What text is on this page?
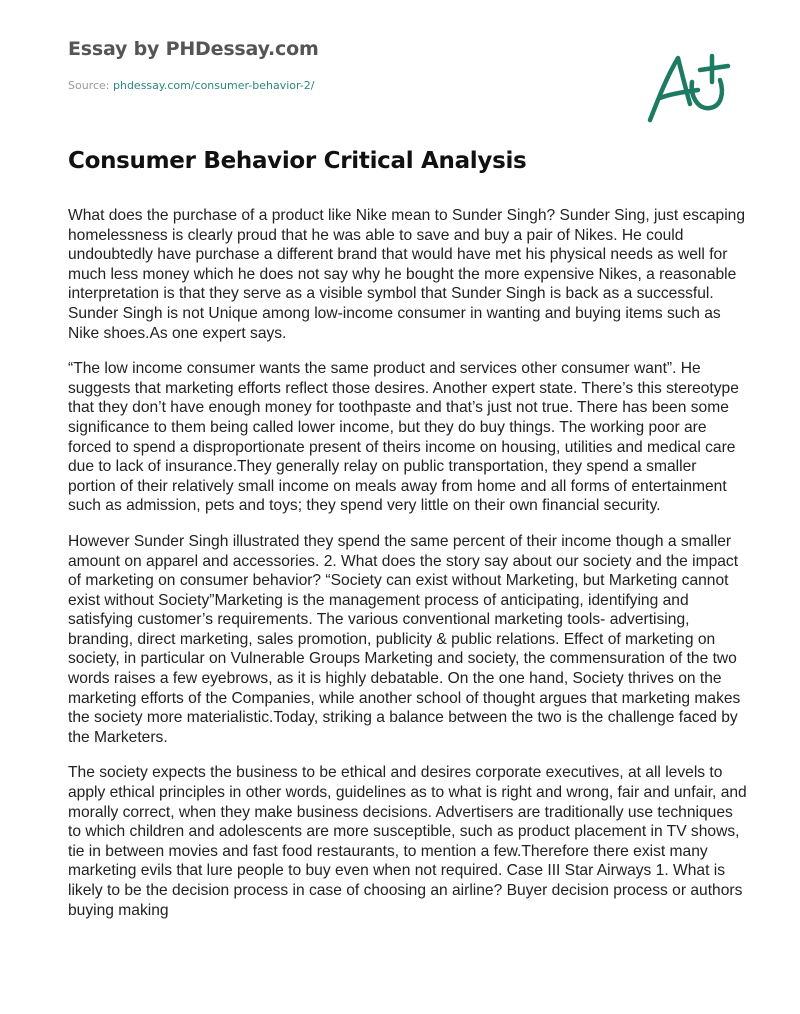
Essay by PHDessay.com
Source: phdessay.com/consumer-behavior-2/
Consumer Behavior Critical Analysis

What does the purchase of a product like Nike mean to Sunder Singh? Sunder Sing, just escaping homelessness is clearly proud that he was able to save and buy a pair of Nikes. He could undoubtedly have purchase a different brand that would have met his physical needs as well for much less money which he does not say why he bought the more expensive Nikes, a reasonable interpretation is that they serve as a visible symbol that Sunder Singh is back as a successful. Sunder Singh is not Unique among low-income consumer in wanting and buying items such as Nike shoes.As one expert says.

“The low income consumer wants the same product and services other consumer want”. He suggests that marketing efforts reflect those desires. Another expert state. There’s this stereotype that they don’t have enough money for toothpaste and that’s just not true. There has been some significance to them being called lower income, but they do buy things. The working poor are forced to spend a disproportionate present of theirs income on housing, utilities and medical care due to lack of insurance.They generally relay on public transportation, they spend a smaller portion of their relatively small income on meals away from home and all forms of entertainment such as admission, pets and toys; they spend very little on their own financial security.

However Sunder Singh illustrated they spend the same percent of their income though a smaller amount on apparel and accessories. 2. What does the story say about our society and the impact of marketing on consumer behavior? “Society can exist without Marketing, but Marketing cannot exist without Society”Marketing is the management process of anticipating, identifying and satisfying customer’s requirements. The various conventional marketing tools- advertising, branding, direct marketing, sales promotion, publicity & public relations. Effect of marketing on society, in particular on Vulnerable Groups Marketing and society, the commensuration of the two words raises a few eyebrows, as it is highly debatable. On the one hand, Society thrives on the marketing efforts of the Companies, while another school of thought argues that marketing makes the society more materialistic.Today, striking a balance between the two is the challenge faced by the Marketers.

The society expects the business to be ethical and desires corporate executives, at all levels to apply ethical principles in other words, guidelines as to what is right and wrong, fair and unfair, and morally correct, when they make business decisions. Advertisers are traditionally use techniques to which children and adolescents are more susceptible, such as product placement in TV shows, tie in between movies and fast food restaurants, to mention a few.Therefore there exist many marketing evils that lure people to buy even when not required. Case III Star Airways 1. What is likely to be the decision process in case of choosing an airline? Buyer decision process or authors buying making
